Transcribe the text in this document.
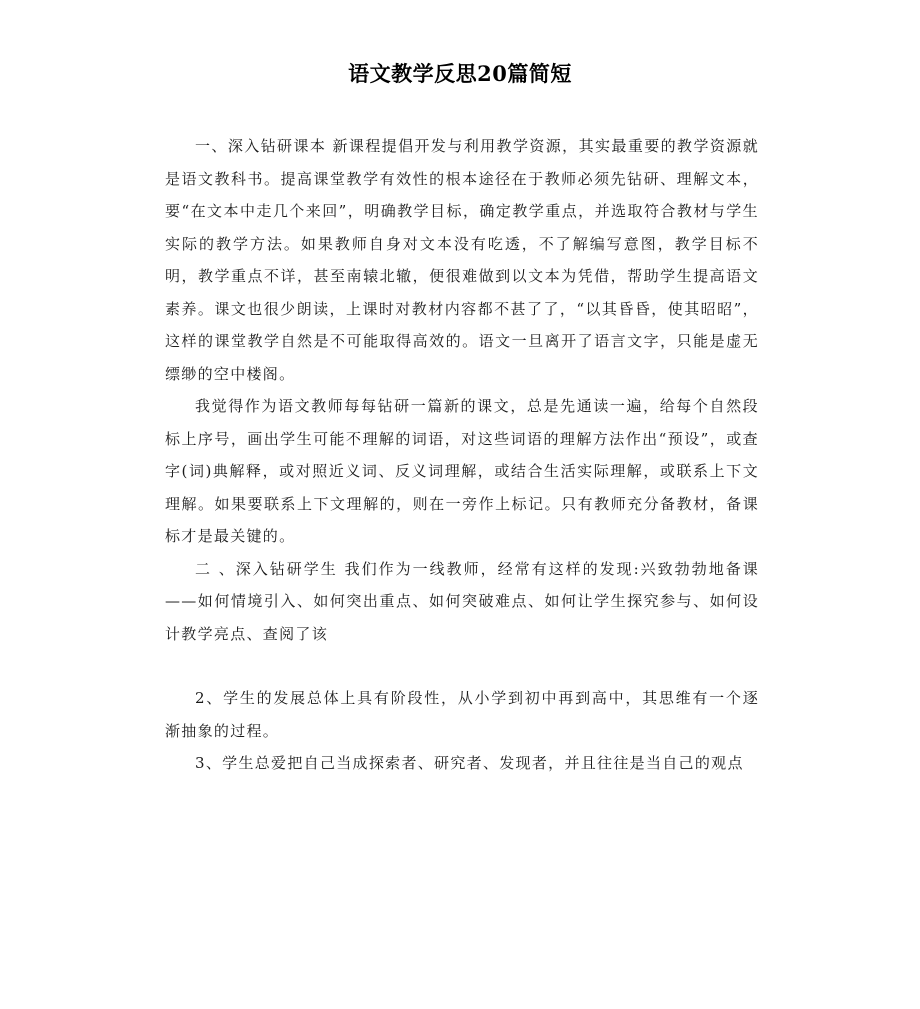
语文教学反思20篇简短

一、深入钻研课本 新课程提倡开发与利用教学资源，其实最重要的教学资源就是语文教科书。提高课堂教学有效性的根本途径在于教师必须先钻研、理解文本，要“在文本中走几个来回”，明确教学目标，确定教学重点，并选取符合教材与学生实际的教学方法。如果教师自身对文本没有吃透，不了解编写意图，教学目标不明，教学重点不详，甚至南辕北辙，便很难做到以文本为凭借，帮助学生提高语文素养。课文也很少朗读，上课时对教材内容都不甚了了，“以其昏昏，使其昭昭”，这样的课堂教学自然是不可能取得高效的。语文一旦离开了语言文字，只能是虚无缥缈的空中楼阁。

我觉得作为语文教师每每钻研一篇新的课文，总是先通读一遍，给每个自然段标上序号，画出学生可能不理解的词语，对这些词语的理解方法作出“预设”，或查字(词)典解释，或对照近义词、反义词理解，或结合生活实际理解，或联系上下文理解。如果要联系上下文理解的，则在一旁作上标记。只有教师充分备教材，备课标才是最关键的。

二 、深入钻研学生 我们作为一线教师，经常有这样的发现:兴致勃勃地备课——如何情境引入、如何突出重点、如何突破难点、如何让学生探究参与、如何设计教学亮点、查阅了该

2、学生的发展总体上具有阶段性，从小学到初中再到高中，其思维有一个逐渐抽象的过程。

3、学生总爱把自己当成探索者、研究者、发现者，并且往往是当自己的观点
